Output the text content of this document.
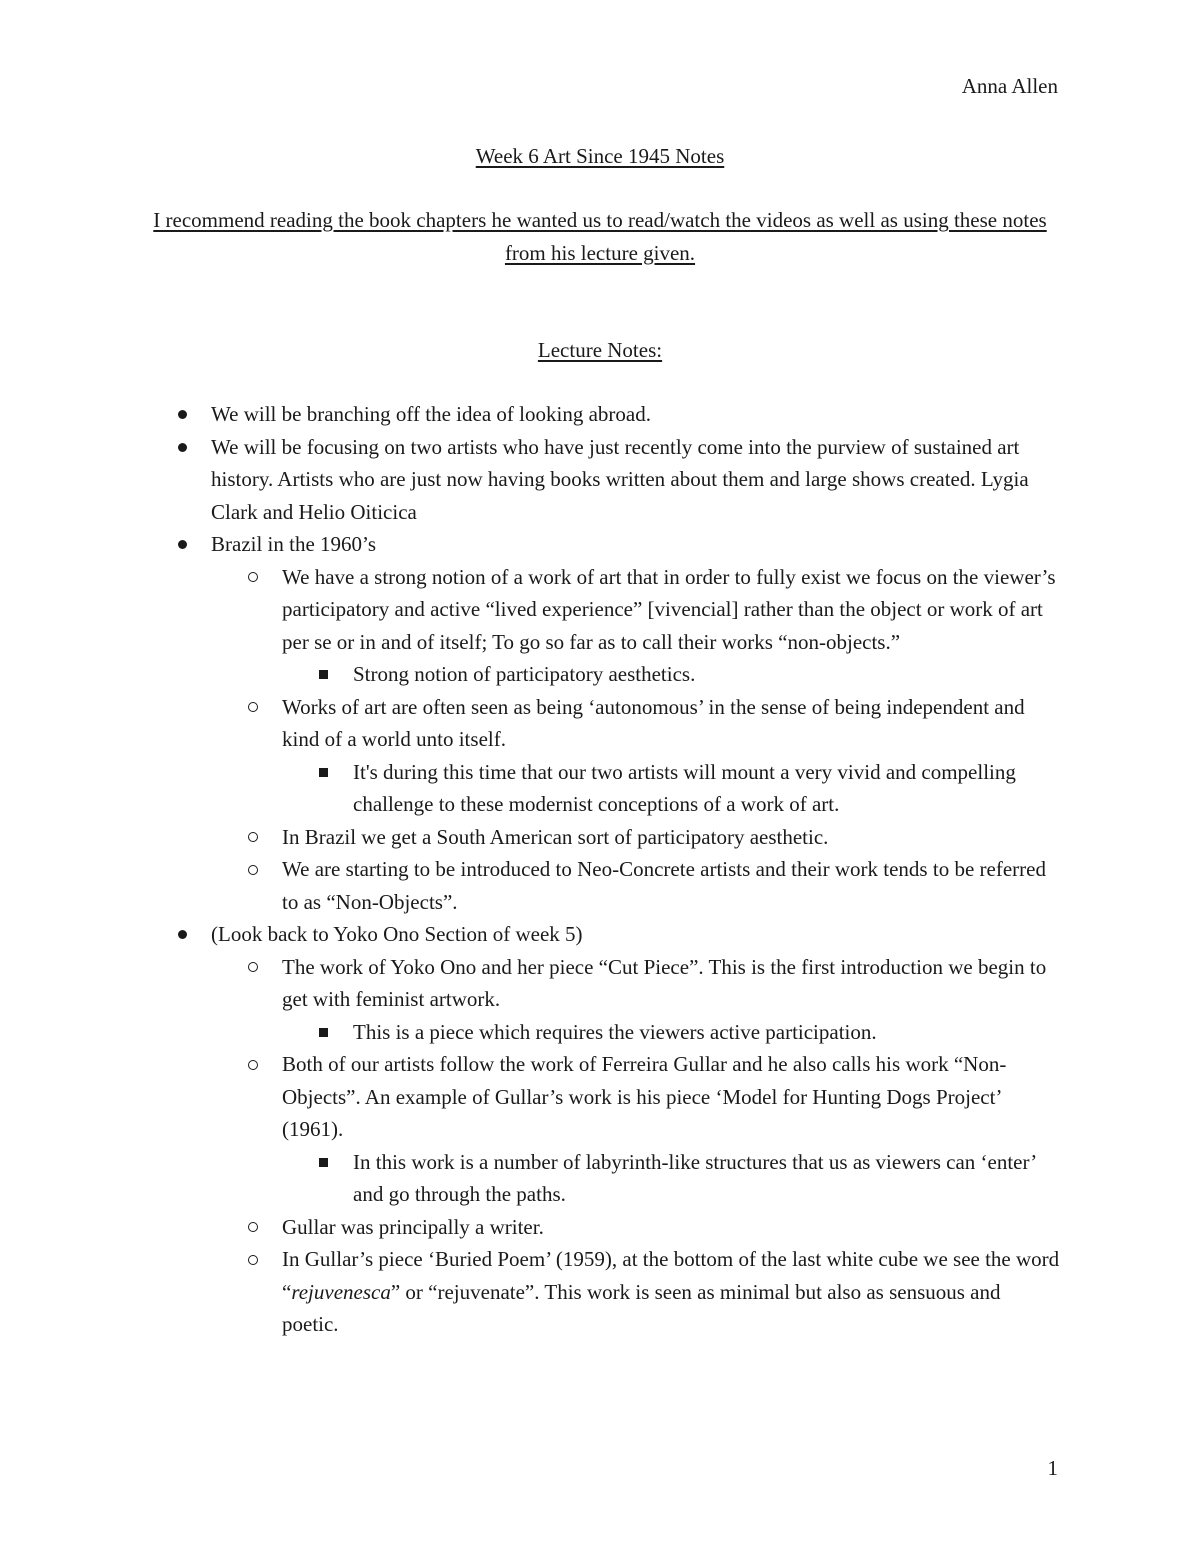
Anna Allen
Week 6 Art Since 1945 Notes
I recommend reading the book chapters he wanted us to read/watch the videos as well as using these notes from his lecture given.
Lecture Notes:
We will be branching off the idea of looking abroad.
We will be focusing on two artists who have just recently come into the purview of sustained art history. Artists who are just now having books written about them and large shows created. Lygia Clark and Helio Oiticica
Brazil in the 1960’s
We have a strong notion of a work of art that in order to fully exist we focus on the viewer’s participatory and active “lived experience” [vivencial] rather than the object or work of art per se or in and of itself; To go so far as to call their works “non-objects.”
Strong notion of participatory aesthetics.
Works of art are often seen as being ‘autonomous’ in the sense of being independent and kind of a world unto itself.
It's during this time that our two artists will mount a very vivid and compelling challenge to these modernist conceptions of a work of art.
In Brazil we get a South American sort of participatory aesthetic.
We are starting to be introduced to Neo-Concrete artists and their work tends to be referred to as “Non-Objects”.
(Look back to Yoko Ono Section of week 5)
The work of Yoko Ono and her piece “Cut Piece”. This is the first introduction we begin to get with feminist artwork.
This is a piece which requires the viewers active participation.
Both of our artists follow the work of Ferreira Gullar and he also calls his work “Non-Objects”. An example of Gullar’s work is his piece ‘Model for Hunting Dogs Project’ (1961).
In this work is a number of labyrinth-like structures that us as viewers can ‘enter’ and go through the paths.
Gullar was principally a writer.
In Gullar’s piece ‘Buried Poem’ (1959), at the bottom of the last white cube we see the word “rejuvenesca” or “rejuvenate”. This work is seen as minimal but also as sensuous and poetic.
1
